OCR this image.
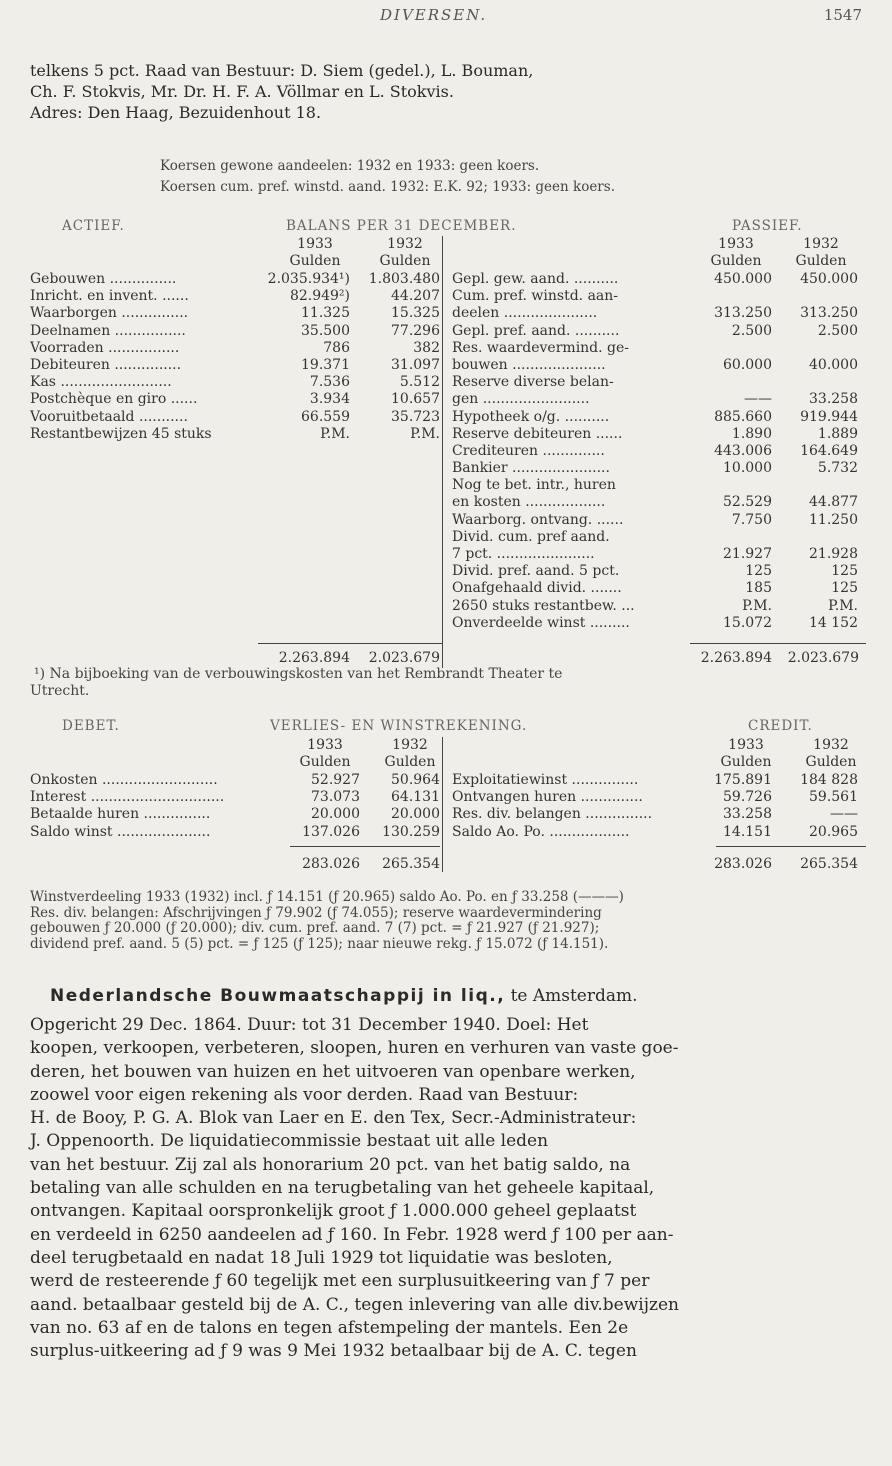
DIVERSEN.	1547
telkens 5 pct. Raad van Bestuur: D. Siem (gedel.), L. Bouman,
Ch. F. Stokvis, Mr. Dr. H. F. A. Völlmar en L. Stokvis.
Adres: Den Haag, Bezuidenhout 18.
Koersen gewone aandeelen: 1932 en 1933: geen koers.
Koersen cum. pref. winstd. aand. 1932: E.K. 92; 1933: geen koers.
ACTIEF.	BALANS PER 31 DECEMBER.	PASSIEF.
1933	1932
Gulden	Gulden
1933	1932
Gulden	Gulden
Gebouwen ...............	2.035.934¹)	1.803.480
Inricht. en invent. ......	82.949²)	44.207
Waarborgen ...............	11.325	15.325
Deelnamen ................	35.500	77.296
Voorraden ................	786	382
Debiteuren ...............	19.371	31.097
Kas .........................	7.536	5.512
Postchèque en giro ......	3.934	10.657
Vooruitbetaald ...........	66.559	35.723
Restantbewijzen 45 stuks	P.M.	P.M.
Gepl. gew. aand. ..........	450.000	450.000
Cum. pref. winstd. aan-
deelen .....................	313.250	313.250
Gepl. pref. aand. ..........	2.500	2.500
Res. waardevermind. ge-
bouwen .....................	60.000	40.000
Reserve diverse belan-
gen ........................	——	33.258
Hypotheek o/g. ..........	885.660	919.944
Reserve debiteuren ......	1.890	1.889
Crediteuren ..............	443.006	164.649
Bankier ......................	10.000	5.732
Nog te bet. intr., huren
en kosten ..................	52.529	44.877
Waarborg. ontvang. ......	7.750	11.250
Divid. cum. pref aand.
7 pct. ......................	21.927	21.928
Divid. pref. aand. 5 pct.	125	125
Onafgehaald divid. .......	185	125
2650 stuks restantbew. ...	P.M.	P.M.
Onverdeelde winst .........	15.072	14 152
2.263.894	2.023.679	2.263.894	2.023.679
¹) Na bijboeking van de verbouwingskosten van het Rembrandt Theater te
Utrecht.
DEBET.	VERLIES- EN WINSTREKENING.	CREDIT.
1933	1932
Gulden	Gulden
1933	1932
Gulden	Gulden
Onkosten ..........................	52.927	50.964
Interest ..............................	73.073	64.131
Betaalde huren ...............	20.000	20.000
Saldo winst .....................	137.026	130.259
Exploitatiewinst ...............	175.891	184 828
Ontvangen huren ..............	59.726	59.561
Res. div. belangen ...............	33.258	——
Saldo Ao. Po. ..................	14.151	20.965
283.026	265.354	283.026	265.354
Winstverdeeling 1933 (1932) incl. ƒ 14.151 (ƒ 20.965) saldo Ao. Po. en ƒ 33.258 (———)
Res. div. belangen: Afschrijvingen ƒ 79.902 (ƒ 74.055); reserve waardevermindering
gebouwen ƒ 20.000 (ƒ 20.000); div. cum. pref. aand. 7 (7) pct. = ƒ 21.927 (ƒ 21.927);
dividend pref. aand. 5 (5) pct. = ƒ 125 (ƒ 125); naar nieuwe rekg. ƒ 15.072 (ƒ 14.151).
Nederlandsche Bouwmaatschappij in liq., te Amsterdam.
Opgericht 29 Dec. 1864. Duur: tot 31 December 1940. Doel: Het
koopen, verkoopen, verbeteren, sloopen, huren en verhuren van vaste goe-
deren, het bouwen van huizen en het uitvoeren van openbare werken,
zoowel voor eigen rekening als voor derden. Raad van Bestuur:
H. de Booy, P. G. A. Blok van Laer en E. den Tex, Secr.-Administrateur:
J. Oppenoorth. De liquidatiecommissie bestaat uit alle leden
van het bestuur. Zij zal als honorarium 20 pct. van het batig saldo, na
betaling van alle schulden en na terugbetaling van het geheele kapitaal,
ontvangen. Kapitaal oorspronkelijk groot ƒ 1.000.000 geheel geplaatst
en verdeeld in 6250 aandeelen ad ƒ 160. In Febr. 1928 werd ƒ 100 per aan-
deel terugbetaald en nadat 18 Juli 1929 tot liquidatie was besloten,
werd de resteerende ƒ 60 tegelijk met een surplusuitkeering van ƒ 7 per
aand. betaalbaar gesteld bij de A. C., tegen inlevering van alle div.bewijzen
van no. 63 af en de talons en tegen afstempeling der mantels. Een 2e
surplus-uitkeering ad ƒ 9 was 9 Mei 1932 betaalbaar bij de A. C. tegen
